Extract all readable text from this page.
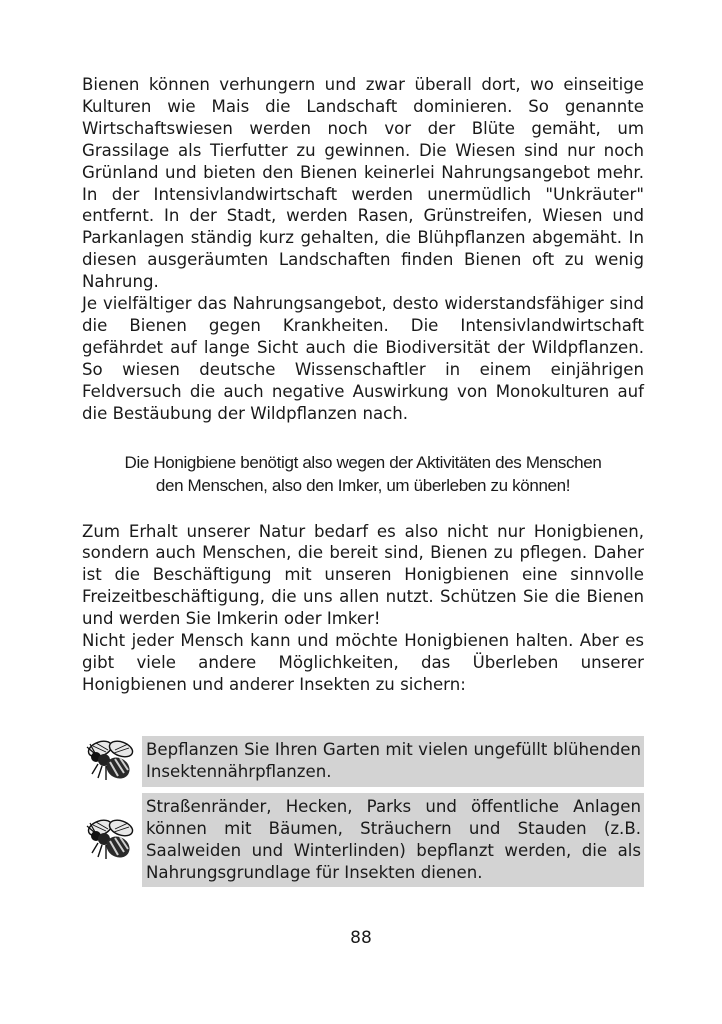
Bienen können verhungern und zwar überall dort, wo einseitige Kulturen wie Mais die Landschaft dominieren. So genannte Wirtschaftswiesen werden noch vor der Blüte gemäht, um Grassilage als Tierfutter zu gewinnen. Die Wiesen sind nur noch Grünland und bieten den Bienen keinerlei Nahrungsangebot mehr. In der Intensivlandwirtschaft werden unermüdlich "Unkräuter" entfernt. In der Stadt, werden Rasen, Grünstreifen, Wiesen und Parkanlagen ständig kurz gehalten, die Blühpflanzen abgemäht. In diesen ausgeräumten Landschaften finden Bienen oft zu wenig Nahrung.

Je vielfältiger das Nahrungsangebot, desto widerstandsfähiger sind die Bienen gegen Krankheiten. Die Intensivlandwirtschaft gefährdet auf lange Sicht auch die Biodiversität der Wildpflanzen. So wiesen deutsche Wissenschaftler in einem einjährigen Feldversuch die auch negative Auswirkung von Monokulturen auf die Bestäubung der Wildpflanzen nach.

Die Honigbiene benötigt also wegen der Aktivitäten des Menschen
den Menschen, also den Imker, um überleben zu können!

Zum Erhalt unserer Natur bedarf es also nicht nur Honigbienen, sondern auch Menschen, die bereit sind, Bienen zu pflegen. Daher ist die Beschäftigung mit unseren Honigbienen eine sinnvolle Freizeitbeschäftigung, die uns allen nutzt. Schützen Sie die Bienen und werden Sie Imkerin oder Imker!

Nicht jeder Mensch kann und möchte Honigbienen halten. Aber es gibt viele andere Möglichkeiten, das Überleben unserer Honigbienen und anderer Insekten zu sichern:

Bepflanzen Sie Ihren Garten mit vielen ungefüllt blühenden Insektennährpflanzen.
Straßenränder, Hecken, Parks und öffentliche Anlagen können mit Bäumen, Sträuchern und Stauden (z.B. Saalweiden und Winterlinden) bepflanzt werden, die als Nahrungsgrundlage für Insekten dienen.
88
